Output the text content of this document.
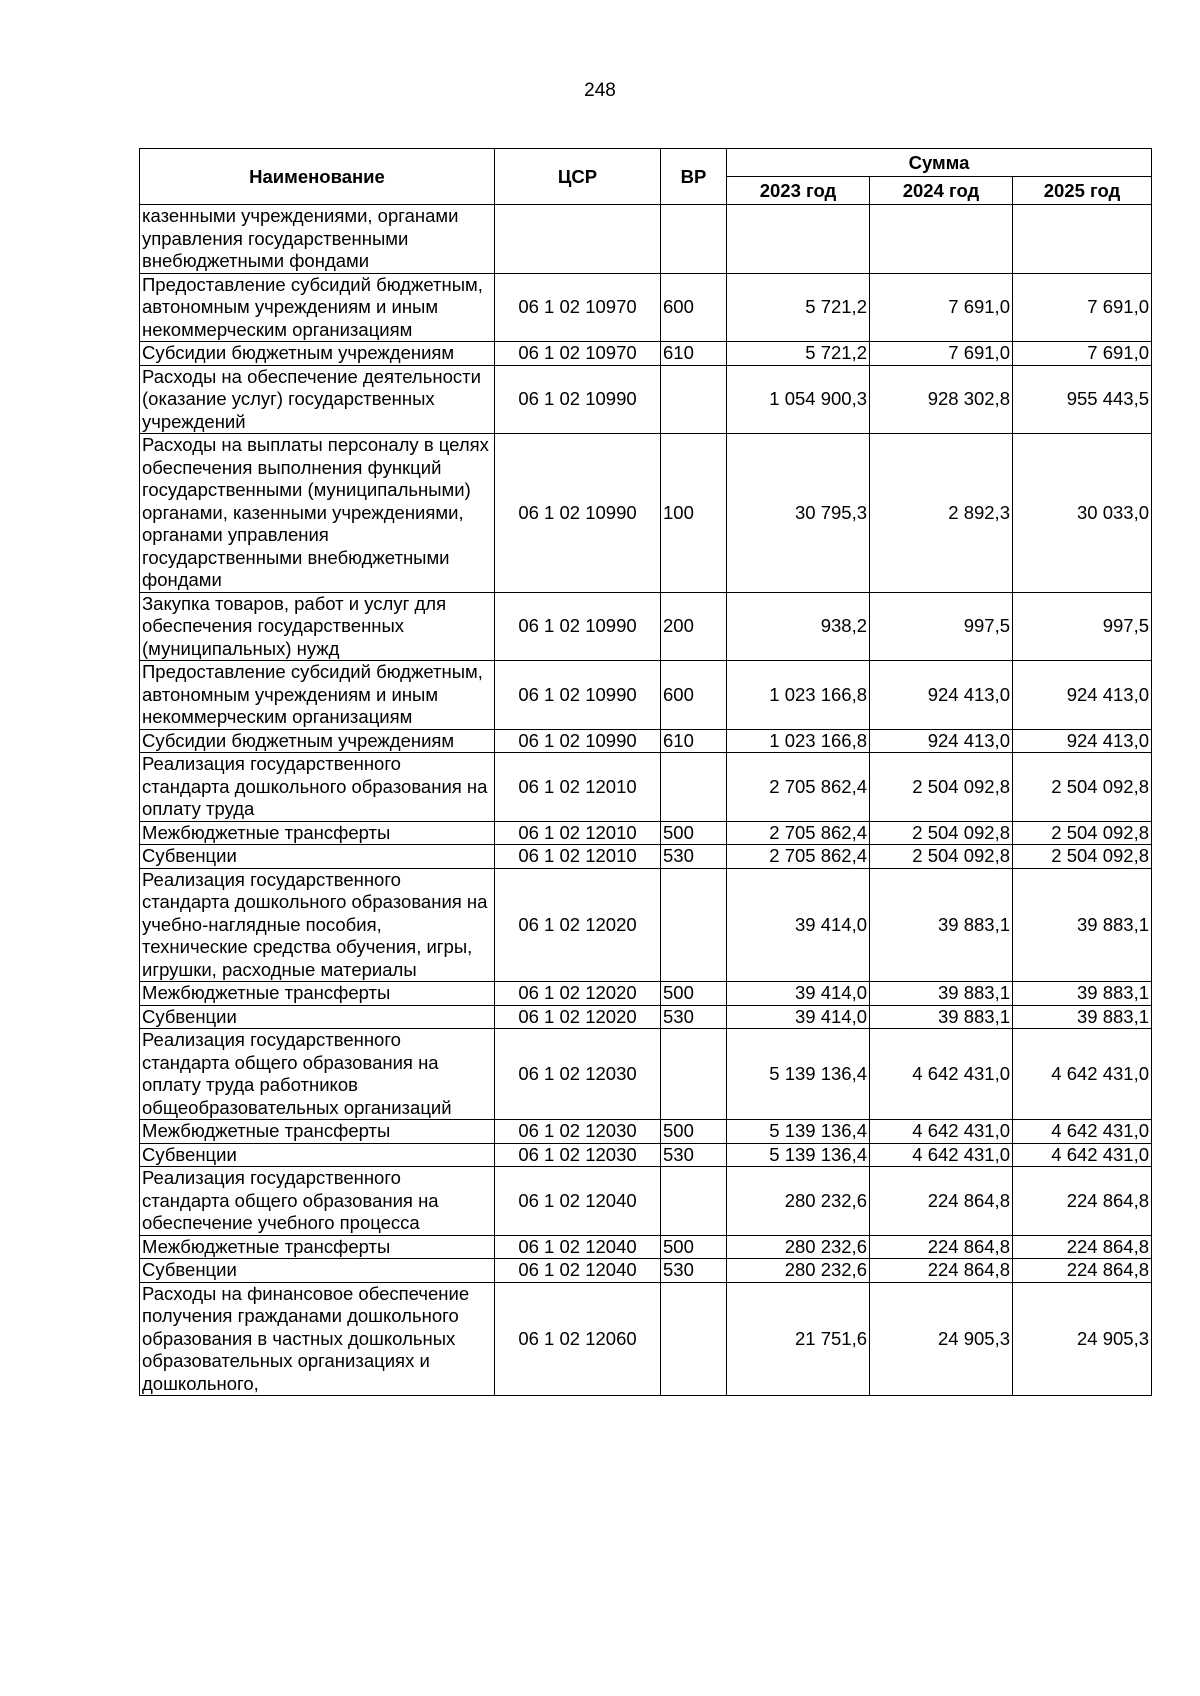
248
Наименование	ЦСР	ВР	Сумма		
			2023 год	2024 год	2025 год
казенными учреждениями, органами управления государственными внебюджетными фондами					
Предоставление субсидий бюджетным, автономным учреждениям и иным некоммерческим организациям	06 1 02 10970	600	5 721,2	7 691,0	7 691,0
Субсидии бюджетным учреждениям	06 1 02 10970	610	5 721,2	7 691,0	7 691,0
Расходы на обеспечение деятельности (оказание услуг) государственных учреждений	06 1 02 10990		1 054 900,3	928 302,8	955 443,5
Расходы на выплаты персоналу в целях обеспечения выполнения функций государственными (муниципальными) органами, казенными учреждениями, органами управления государственными внебюджетными фондами	06 1 02 10990	100	30 795,3	2 892,3	30 033,0
Закупка товаров, работ и услуг для обеспечения государственных (муниципальных) нужд	06 1 02 10990	200	938,2	997,5	997,5
Предоставление субсидий бюджетным, автономным учреждениям и иным некоммерческим организациям	06 1 02 10990	600	1 023 166,8	924 413,0	924 413,0
Субсидии бюджетным учреждениям	06 1 02 10990	610	1 023 166,8	924 413,0	924 413,0
Реализация государственного стандарта дошкольного образования на оплату труда	06 1 02 12010		2 705 862,4	2 504 092,8	2 504 092,8
Межбюджетные трансферты	06 1 02 12010	500	2 705 862,4	2 504 092,8	2 504 092,8
Субвенции	06 1 02 12010	530	2 705 862,4	2 504 092,8	2 504 092,8
Реализация государственного стандарта дошкольного образования на учебно-наглядные пособия, технические средства обучения, игры, игрушки, расходные материалы	06 1 02 12020		39 414,0	39 883,1	39 883,1
Межбюджетные трансферты	06 1 02 12020	500	39 414,0	39 883,1	39 883,1
Субвенции	06 1 02 12020	530	39 414,0	39 883,1	39 883,1
Реализация государственного стандарта общего образования на оплату труда работников общеобразовательных организаций	06 1 02 12030		5 139 136,4	4 642 431,0	4 642 431,0
Межбюджетные трансферты	06 1 02 12030	500	5 139 136,4	4 642 431,0	4 642 431,0
Субвенции	06 1 02 12030	530	5 139 136,4	4 642 431,0	4 642 431,0
Реализация государственного стандарта общего образования на обеспечение учебного процесса	06 1 02 12040		280 232,6	224 864,8	224 864,8
Межбюджетные трансферты	06 1 02 12040	500	280 232,6	224 864,8	224 864,8
Субвенции	06 1 02 12040	530	280 232,6	224 864,8	224 864,8
Расходы на финансовое обеспечение получения гражданами дошкольного образования в частных дошкольных образовательных организациях и дошкольного,	06 1 02 12060		21 751,6	24 905,3	24 905,3
